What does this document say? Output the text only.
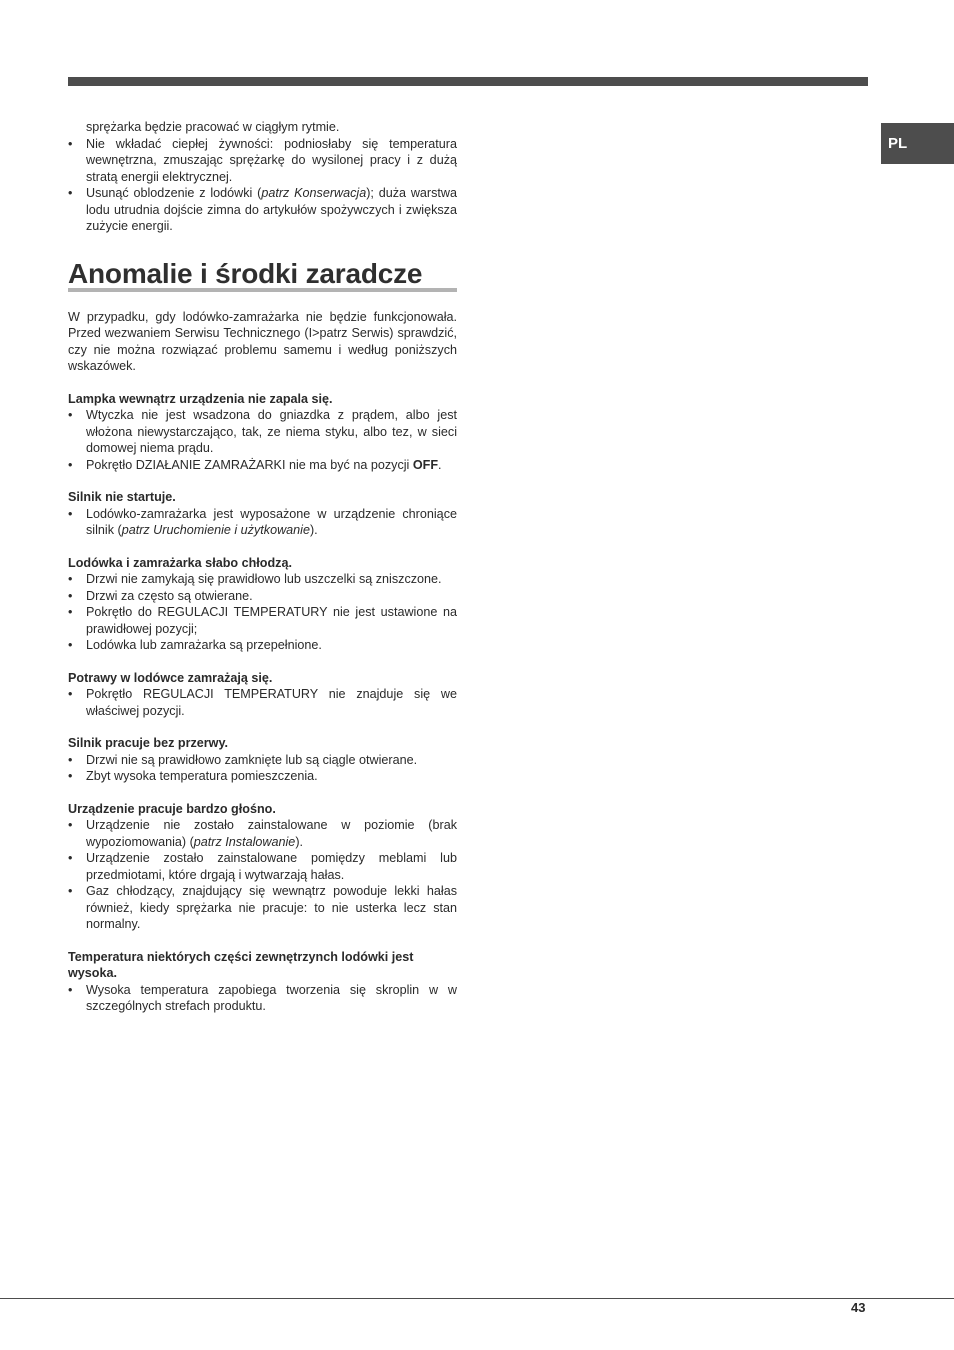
PL

sprężarka będzie pracować w ciągłym rytmie.

• Nie wkładać ciepłej żywności: podniosłaby się temperatura wewnętrzna, zmuszając sprężarkę do wysilonej pracy i z dużą stratą energii elektrycznej.
• Usunąć oblodzenie z lodówki (patrz Konserwacja); duża warstwa lodu utrudnia dojście zimna do artykułów spożywczych i zwiększa zużycie energii.
Anomalie i środki zaradcze

W przypadku, gdy lodówko-zamrażarka nie będzie funkcjonowała. Przed wezwaniem Serwisu Technicznego (I>patrz Serwis) sprawdzić, czy nie można rozwiązać problemu samemu i według poniższych wskazówek.

Lampka wewnątrz urządzenia nie zapala się.

• Wtyczka nie jest wsadzona do gniazdka z prądem, albo jest włożona niewystarczająco, tak, ze niema styku, albo tez, w sieci domowej niema prądu.
• Pokrętło DZIAŁANIE ZAMRAŻARKI nie ma być na pozycji OFF.

Silnik nie startuje.

• Lodówko-zamrażarka jest wyposażone w urządzenie chroniące silnik (patrz Uruchomienie i użytkowanie).

Lodówka i zamrażarka słabo chłodzą.

• Drzwi nie zamykają się prawidłowo lub uszczelki są zniszczone.
• Drzwi za często są otwierane.
• Pokrętło do REGULACJI TEMPERATURY nie jest ustawione na prawidłowej pozycji;
• Lodówka lub zamrażarka są przepełnione.

Potrawy w lodówce zamrażają się.

• Pokrętło REGULACJI TEMPERATURY nie znajduje się we właściwej pozycji.

Silnik pracuje bez przerwy.

• Drzwi nie są prawidłowo zamknięte lub są ciągle otwierane.
• Zbyt wysoka temperatura pomieszczenia.

Urządzenie pracuje bardzo głośno.

• Urządzenie nie zostało zainstalowane w poziomie (brak wypoziomowania) (patrz Instalowanie).
• Urządzenie zostało zainstalowane pomiędzy meblami lub przedmiotami, które drgają i wytwarzają hałas.
• Gaz chłodzący, znajdujący się wewnątrz powoduje lekki hałas również, kiedy sprężarka nie pracuje: to nie usterka lecz stan normalny.

Temperatura niektórych części zewnętrzynch lodówki jest wysoka.

• Wysoka temperatura zapobiega tworzenia się skroplin w w szczególnych strefach produktu.
43
